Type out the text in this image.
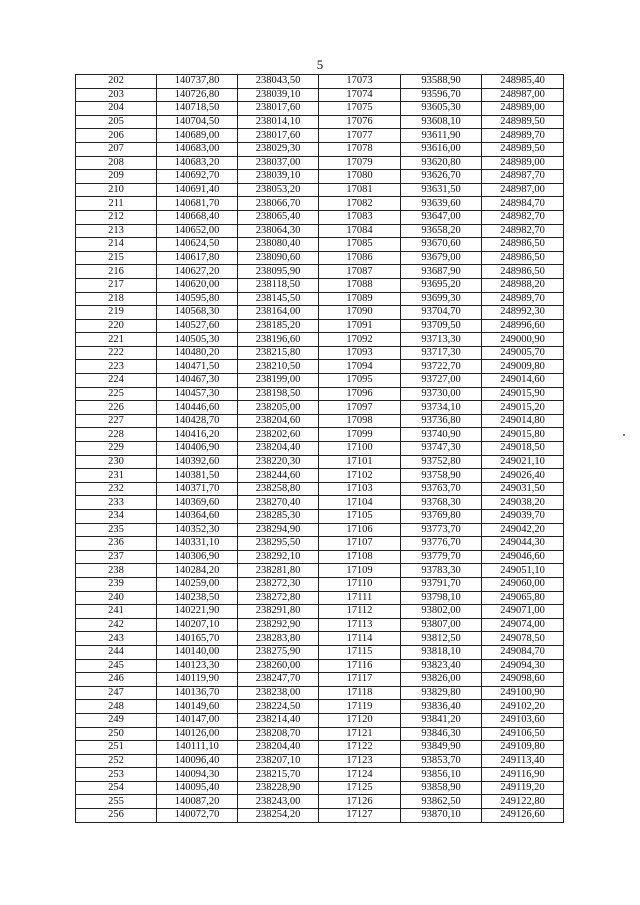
5
202	140737,80	238043,50	17073	93588,90	248985,40
203	140726,80	238039,10	17074	93596,70	248987,00
204	140718,50	238017,60	17075	93605,30	248989,00
205	140704,50	238014,10	17076	93608,10	248989,50
206	140689,00	238017,60	17077	93611,90	248989,70
207	140683,00	238029,30	17078	93616,00	248989,50
208	140683,20	238037,00	17079	93620,80	248989,00
209	140692,70	238039,10	17080	93626,70	248987,70
210	140691,40	238053,20	17081	93631,50	248987,00
211	140681,70	238066,70	17082	93639,60	248984,70
212	140668,40	238065,40	17083	93647,00	248982,70
213	140652,00	238064,30	17084	93658,20	248982,70
214	140624,50	238080,40	17085	93670,60	248986,50
215	140617,80	238090,60	17086	93679,00	248986,50
216	140627,20	238095,90	17087	93687,90	248986,50
217	140620,00	238118,50	17088	93695,20	248988,20
218	140595,80	238145,50	17089	93699,30	248989,70
219	140568,30	238164,00	17090	93704,70	248992,30
220	140527,60	238185,20	17091	93709,50	248996,60
221	140505,30	238196,60	17092	93713,30	249000,90
222	140480,20	238215,80	17093	93717,30	249005,70
223	140471,50	238210,50	17094	93722,70	249009,80
224	140467,30	238199,00	17095	93727,00	249014,60
225	140457,30	238198,50	17096	93730,00	249015,90
226	140446,60	238205,00	17097	93734,10	249015,20
227	140428,70	238204,60	17098	93736,80	249014,80
228	140416,20	238202,60	17099	93740,90	249015,80
229	140406,90	238204,40	17100	93747,30	249018,50
230	140392,60	238220,30	17101	93752,80	249021,10
231	140381,50	238244,60	17102	93758,90	249026,40
232	140371,70	238258,80	17103	93763,70	249031,50
233	140369,60	238270,40	17104	93768,30	249038,20
234	140364,60	238285,30	17105	93769,80	249039,70
235	140352,30	238294,90	17106	93773,70	249042,20
236	140331,10	238295,50	17107	93776,70	249044,30
237	140306,90	238292,10	17108	93779,70	249046,60
238	140284,20	238281,80	17109	93783,30	249051,10
239	140259,00	238272,30	17110	93791,70	249060,00
240	140238,50	238272,80	17111	93798,10	249065,80
241	140221,90	238291,80	17112	93802,00	249071,00
242	140207,10	238292,90	17113	93807,00	249074,00
243	140165,70	238283,80	17114	93812,50	249078,50
244	140140,00	238275,90	17115	93818,10	249084,70
245	140123,30	238260,00	17116	93823,40	249094,30
246	140119,90	238247,70	17117	93826,00	249098,60
247	140136,70	238238,00	17118	93829,80	249100,90
248	140149,60	238224,50	17119	93836,40	249102,20
249	140147,00	238214,40	17120	93841,20	249103,60
250	140126,00	238208,70	17121	93846,30	249106,50
251	140111,10	238204,40	17122	93849,90	249109,80
252	140096,40	238207,10	17123	93853,70	249113,40
253	140094,30	238215,70	17124	93856,10	249116,90
254	140095,40	238228,90	17125	93858,90	249119,20
255	140087,20	238243,00	17126	93862,50	249122,80
256	140072,70	238254,20	17127	93870,10	249126,60
